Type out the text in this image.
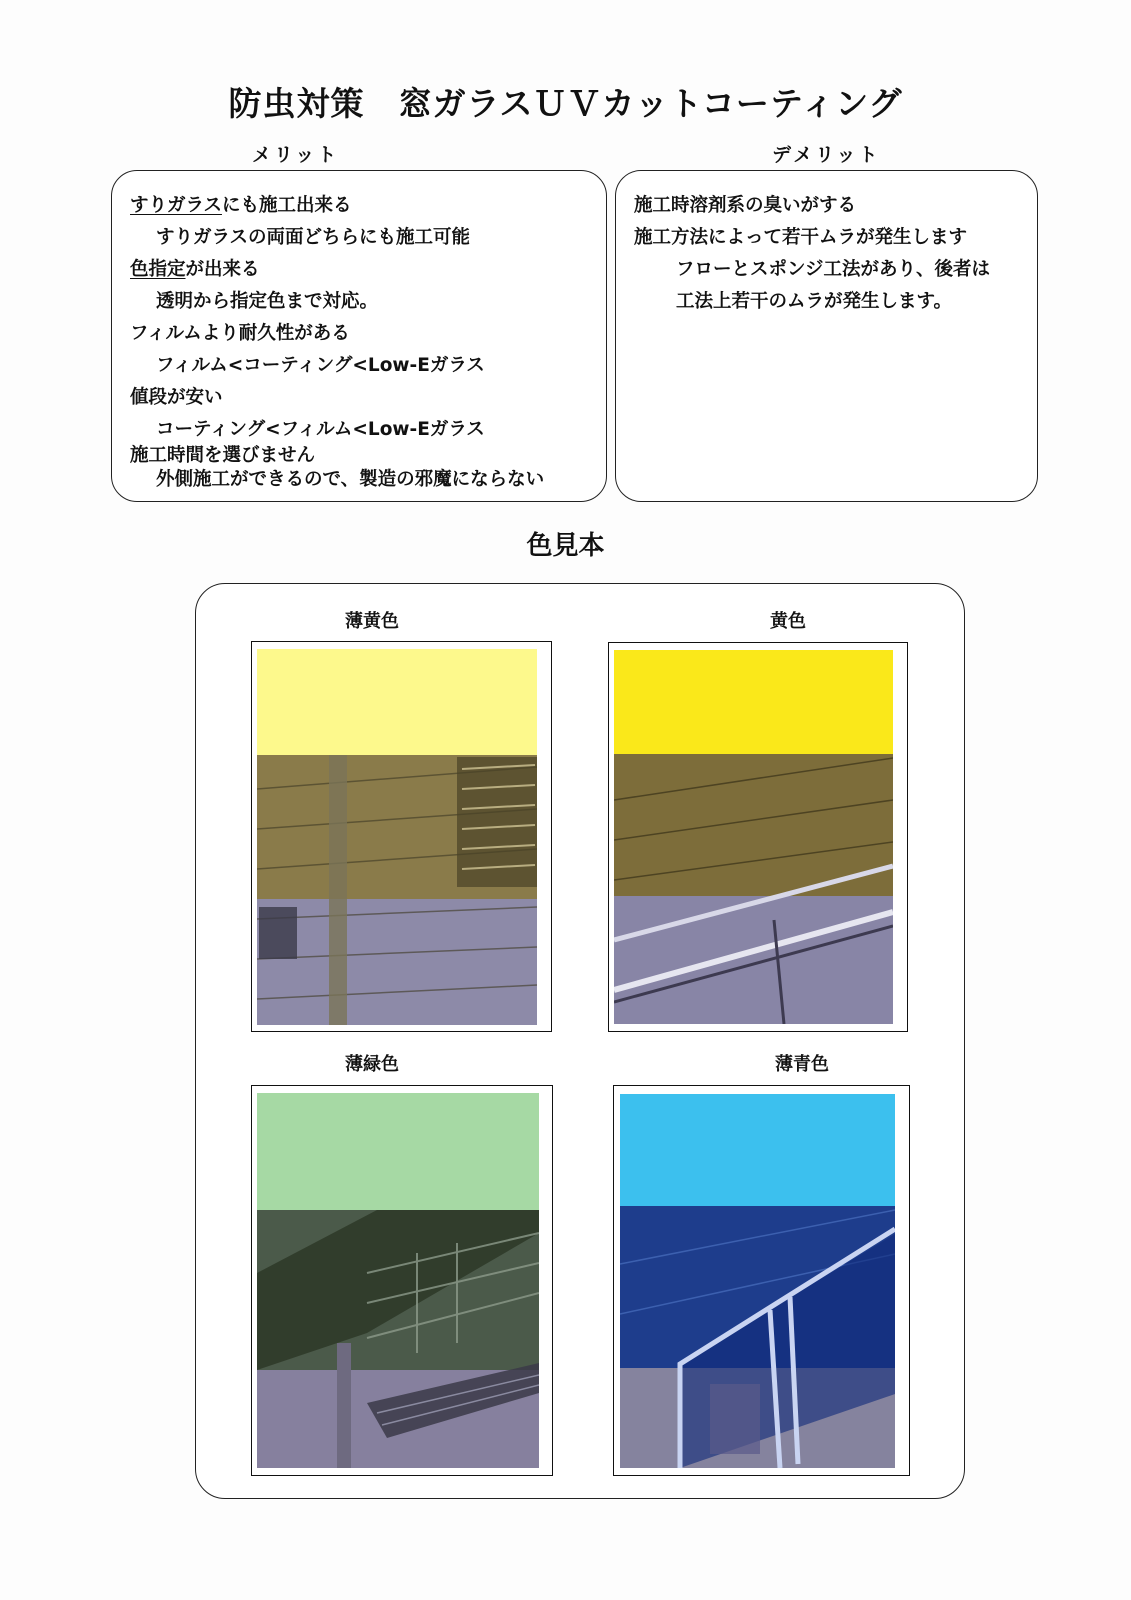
防虫対策　窓ガラスＵＶカットコーティング
メリット	デメリット
すりガラスにも施工出来る
すりガラスの両面どちらにも施工可能
色指定が出来る
透明から指定色まで対応。
フィルムより耐久性がある
フィルム<コーティング<Low-Eガラス
値段が安い
コーティング<フィルム<Low-Eガラス
施工時間を選びません
外側施工ができるので、製造の邪魔にならない
施工時溶剤系の臭いがする
施工方法によって若干ムラが発生します
フローとスポンジ工法があり、後者は
工法上若干のムラが発生します。
色見本
薄黄色	黄色
薄緑色	薄青色
